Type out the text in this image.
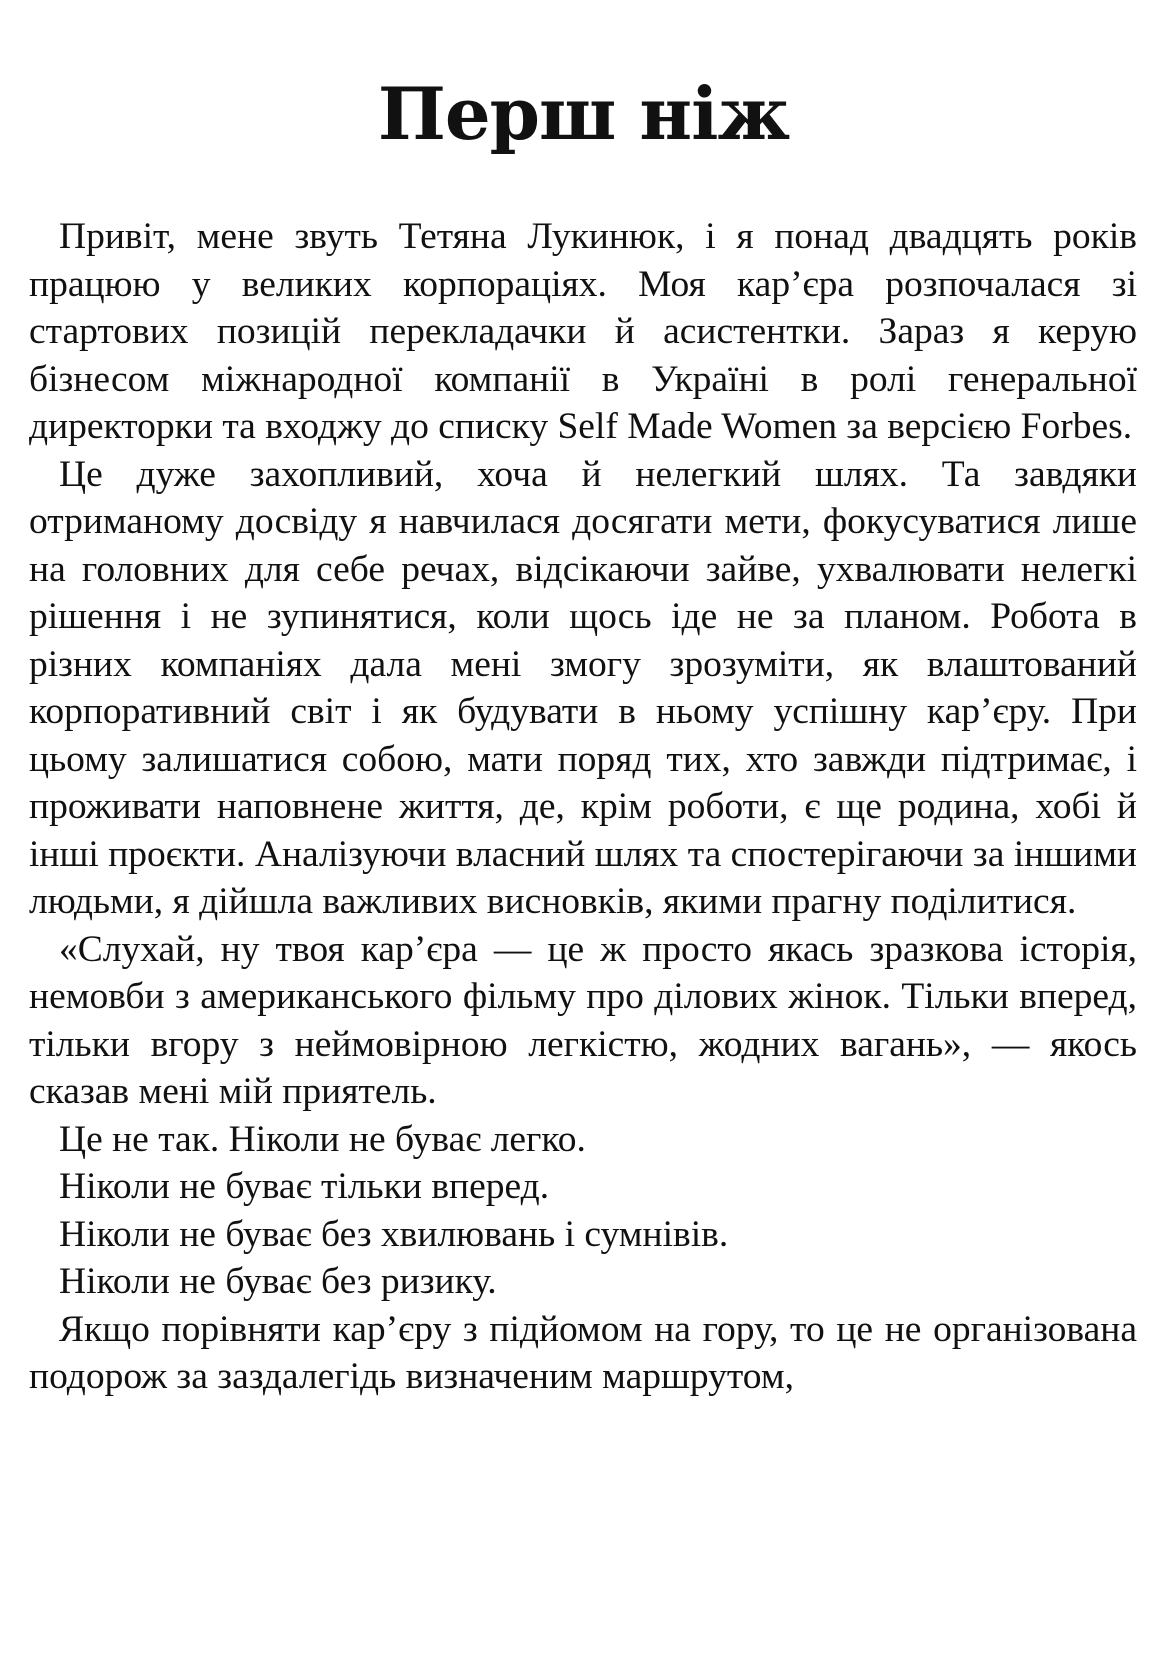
Перш ніж

Привіт, мене звуть Тетяна Лукинюк, і я понад двадцять років працюю у великих корпораціях. Моя кар’єра розпочалася зі стартових позицій перекладачки й асистентки. Зараз я керую бізнесом міжнародної компанії в Україні в ролі генеральної директорки та входжу до списку Self Made Women за версією Forbes.

Це дуже захопливий, хоча й нелегкий шлях. Та завдяки отриманому досвіду я навчилася досягати мети, фокусуватися лише на головних для себе речах, відсікаючи зайве, ухвалювати нелегкі рішення і не зупинятися, коли щось іде не за планом. Робота в різних компаніях дала мені змогу зрозуміти, як влаштований корпоративний світ і як будувати в ньому успішну кар’єру. При цьому залишатися собою, мати поряд тих, хто завжди підтримає, і проживати наповнене життя, де, крім роботи, є ще родина, хобі й інші проєкти. Аналізуючи власний шлях та спостерігаючи за іншими людьми, я дійшла важливих висновків, якими прагну поділитися.

«Слухай, ну твоя кар’єра — це ж просто якась зразкова історія, немовби з американського фільму про ділових жінок. Тільки вперед, тільки вгору з неймовірною легкістю, жодних вагань», — якось сказав мені мій приятель.

Це не так. Ніколи не буває легко.

Ніколи не буває тільки вперед.

Ніколи не буває без хвилювань і сумнівів.

Ніколи не буває без ризику.

Якщо порівняти кар’єру з підйомом на гору, то це не організована подорож за заздалегідь визначеним маршрутом,
